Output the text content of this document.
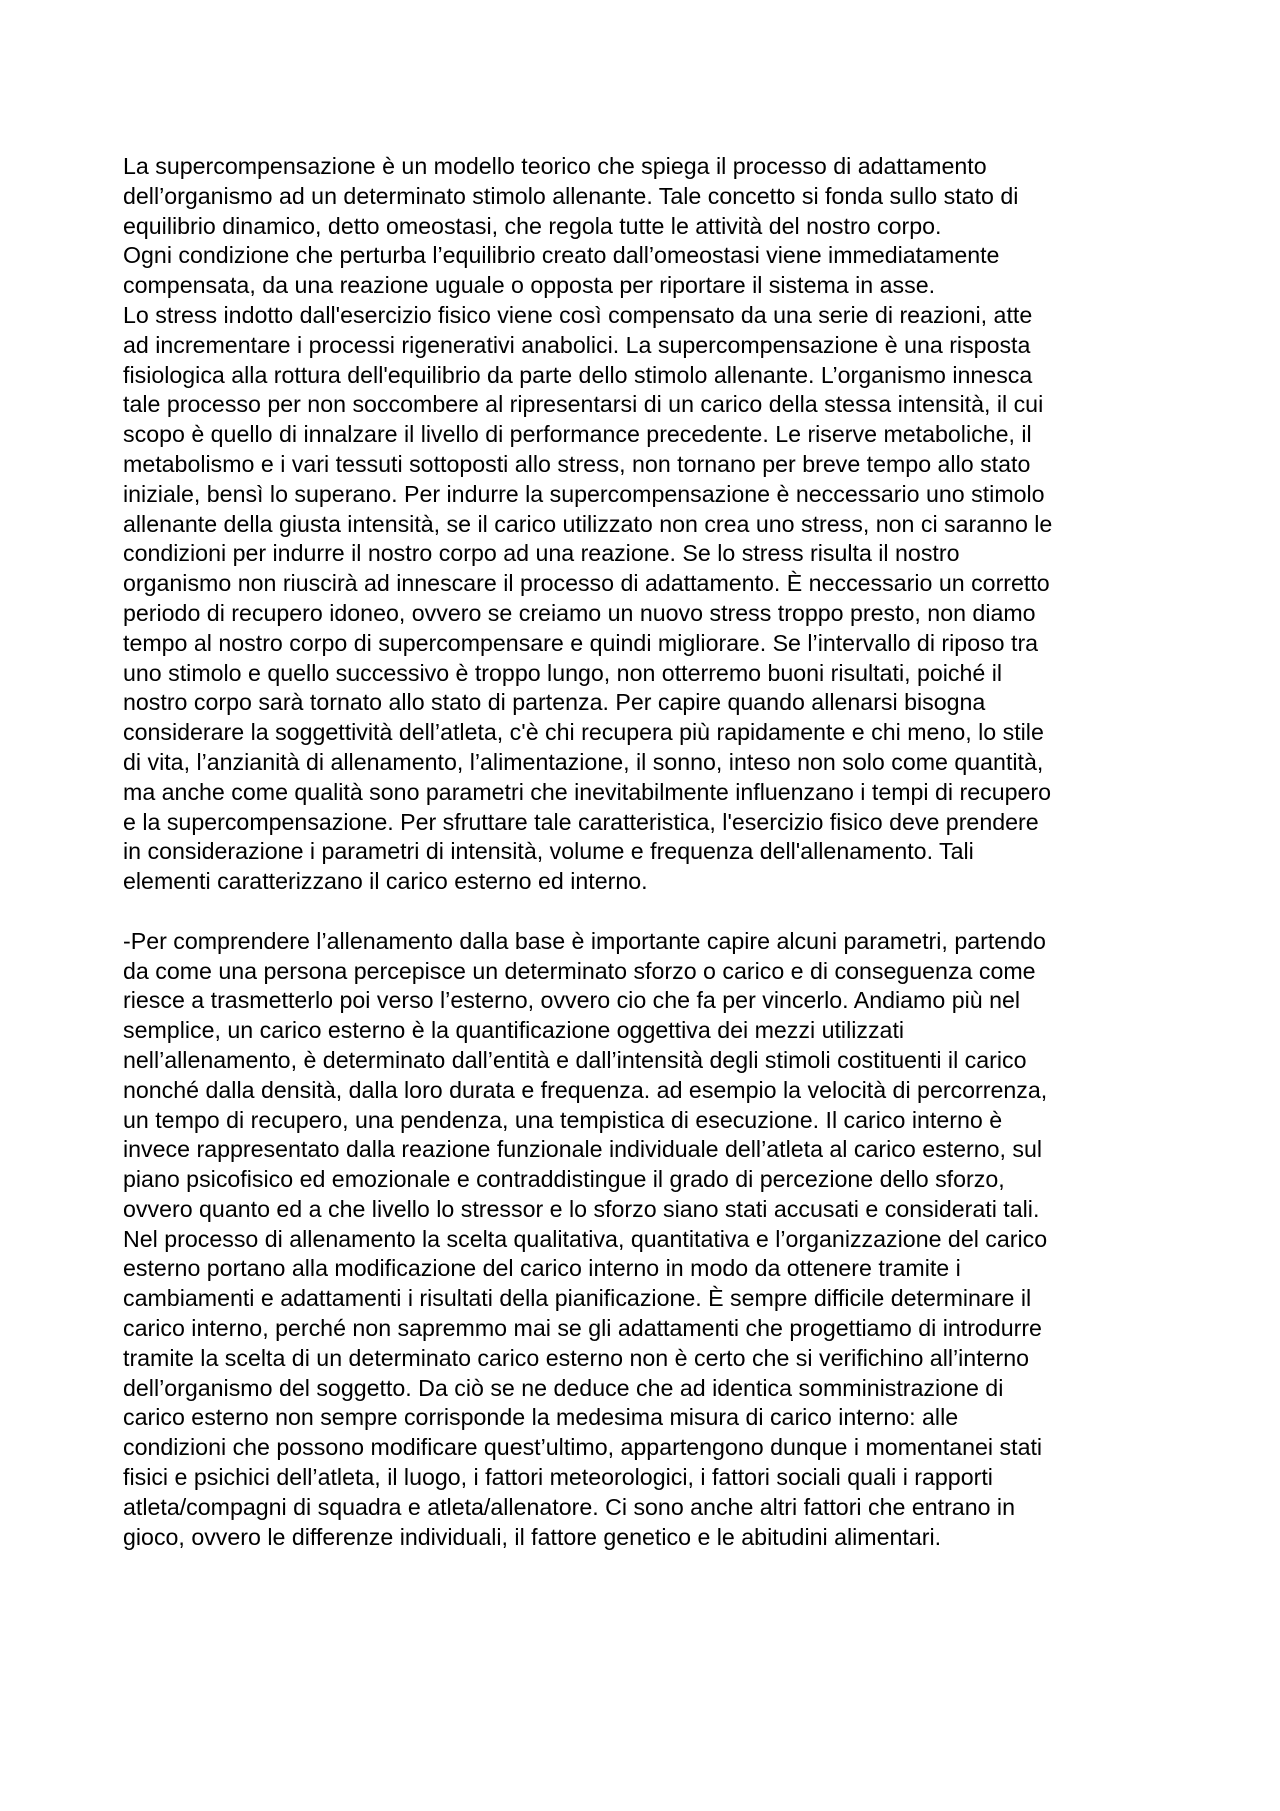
La supercompensazione è un modello teorico che spiega il processo di adattamento
dell’organismo ad un determinato stimolo allenante. Tale concetto si fonda sullo stato di
equilibrio dinamico, detto omeostasi, che regola tutte le attività del nostro corpo.
Ogni condizione che perturba l’equilibrio creato dall’omeostasi viene immediatamente
compensata, da una reazione uguale o opposta per riportare il sistema in asse.
Lo stress indotto dall'esercizio fisico viene così compensato da una serie di reazioni, atte
ad incrementare i processi rigenerativi anabolici. La supercompensazione è una risposta
fisiologica alla rottura dell'equilibrio da parte dello stimolo allenante. L’organismo innesca
tale processo per non soccombere al ripresentarsi di un carico della stessa intensità, il cui
scopo è quello di innalzare il livello di performance precedente. Le riserve metaboliche, il
metabolismo e i vari tessuti sottoposti allo stress, non tornano per breve tempo allo stato
iniziale, bensì lo superano. Per indurre la supercompensazione è neccessario uno stimolo
allenante della giusta intensità, se il carico utilizzato non crea uno stress, non ci saranno le
condizioni per indurre il nostro corpo ad una reazione. Se lo stress risulta il nostro
organismo non riuscirà ad innescare il processo di adattamento. È neccessario un corretto
periodo di recupero idoneo, ovvero se creiamo un nuovo stress troppo presto, non diamo
tempo al nostro corpo di supercompensare e quindi migliorare. Se l’intervallo di riposo tra
uno stimolo e quello successivo è troppo lungo, non otterremo buoni risultati, poiché il
nostro corpo sarà tornato allo stato di partenza. Per capire quando allenarsi bisogna
considerare la soggettività dell’atleta, c'è chi recupera più rapidamente e chi meno, lo stile
di vita, l’anzianità di allenamento, l’alimentazione, il sonno, inteso non solo come quantità,
ma anche come qualità sono parametri che inevitabilmente influenzano i tempi di recupero
e la supercompensazione. Per sfruttare tale caratteristica, l'esercizio fisico deve prendere
in considerazione i parametri di intensità, volume e frequenza dell'allenamento. Tali
elementi caratterizzano il carico esterno ed interno.
-Per comprendere l’allenamento dalla base è importante capire alcuni parametri, partendo
da come una persona percepisce un determinato sforzo o carico e di conseguenza come
riesce a trasmetterlo poi verso l’esterno, ovvero cio che fa per vincerlo. Andiamo più nel
semplice, un carico esterno è la quantificazione oggettiva dei mezzi utilizzati
nell’allenamento, è determinato dall’entità e dall’intensità degli stimoli costituenti il carico
nonché dalla densità, dalla loro durata e frequenza. ad esempio la velocità di percorrenza,
un tempo di recupero, una pendenza, una tempistica di esecuzione. Il carico interno è
invece rappresentato dalla reazione funzionale individuale dell’atleta al carico esterno, sul
piano psicofisico ed emozionale e contraddistingue il grado di percezione dello sforzo,
ovvero quanto ed a che livello lo stressor e lo sforzo siano stati accusati e considerati tali.
Nel processo di allenamento la scelta qualitativa, quantitativa e l’organizzazione del carico
esterno portano alla modificazione del carico interno in modo da ottenere tramite i
cambiamenti e adattamenti i risultati della pianificazione. È sempre difficile determinare il
carico interno, perché non sapremmo mai se gli adattamenti che progettiamo di introdurre
tramite la scelta di un determinato carico esterno non è certo che si verifichino all’interno
dell’organismo del soggetto. Da ciò se ne deduce che ad identica somministrazione di
carico esterno non sempre corrisponde la medesima misura di carico interno: alle
condizioni che possono modificare quest’ultimo, appartengono dunque i momentanei stati
fisici e psichici dell’atleta, il luogo, i fattori meteorologici, i fattori sociali quali i rapporti
atleta/compagni di squadra e atleta/allenatore. Ci sono anche altri fattori che entrano in
gioco, ovvero le differenze individuali, il fattore genetico e le abitudini alimentari.
